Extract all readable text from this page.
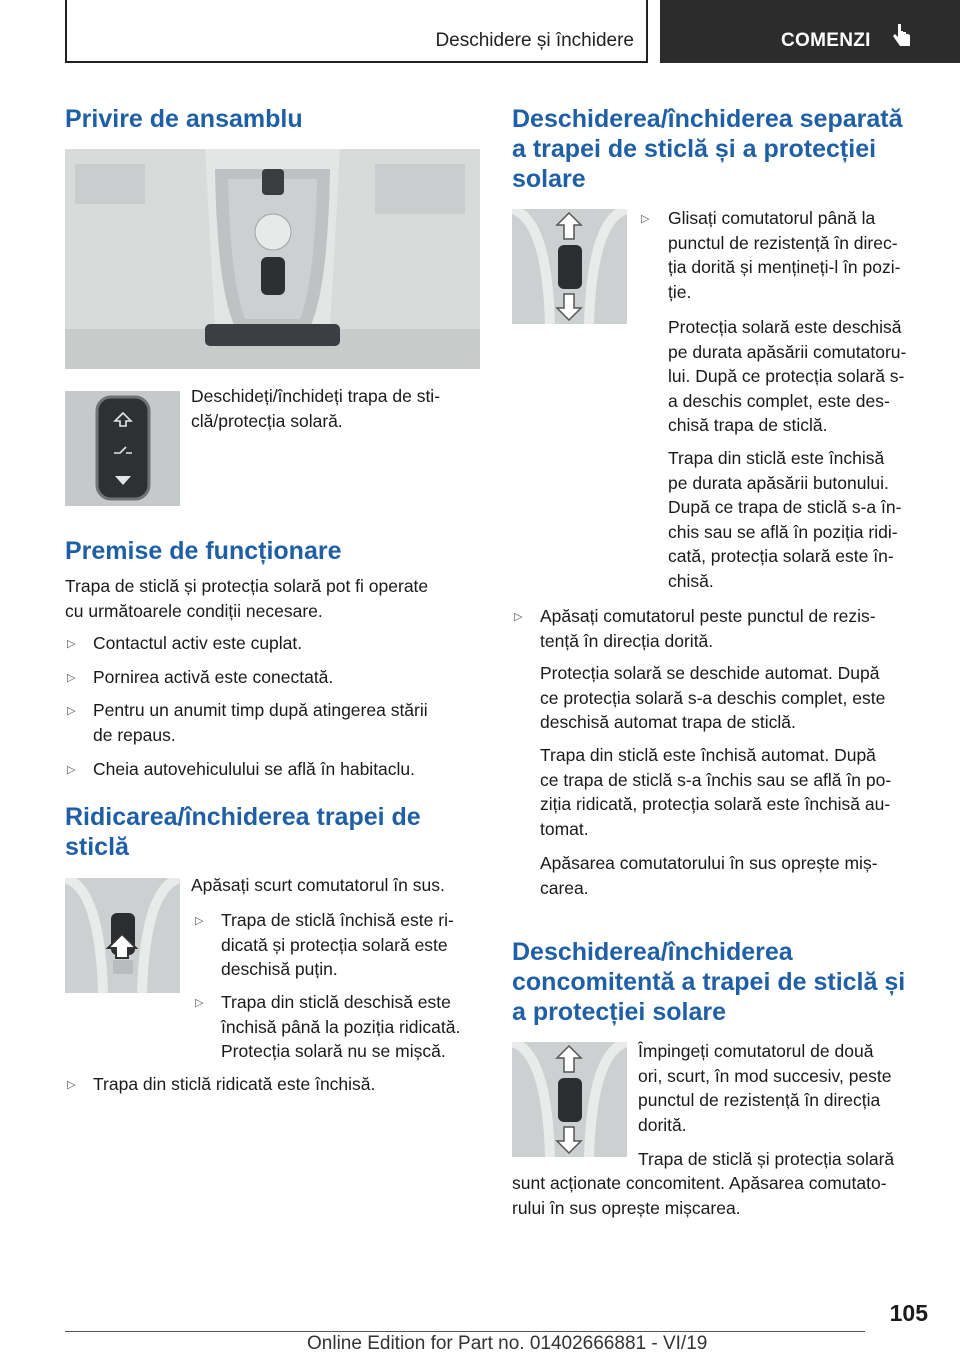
Deschidere și închidere	COMENZI
Privire de ansamblu
Deschideți/închideți trapa de sti-
clă/protecția solară.
Premise de funcționare
Trapa de sticlă și protecția solară pot fi operate
cu următoarele condiții necesare.
▷ Contactul activ este cuplat.
▷ Pornirea activă este conectată.
▷ Pentru un anumit timp după atingerea stării
de repaus.
▷ Cheia autovehiculului se află în habitaclu.
Ridicarea/închiderea trapei de
sticlă
Apăsați scurt comutatorul în sus.
▷ Trapa de sticlă închisă este ri-
dicată și protecția solară este
deschisă puțin.
▷ Trapa din sticlă deschisă este
închisă până la poziția ridicată.
Protecția solară nu se mișcă.
▷ Trapa din sticlă ridicată este închisă.
Deschiderea/închiderea separată
a trapei de sticlă și a protecției
solare
▷ Glisați comutatorul până la
punctul de rezistență în direc-
ția dorită și mențineți-l în pozi-
ție.
Protecția solară este deschisă
pe durata apăsării comutatoru-
lui. După ce protecția solară s-
a deschis complet, este des-
chisă trapa de sticlă.
Trapa din sticlă este închisă
pe durata apăsării butonului.
După ce trapa de sticlă s-a în-
chis sau se află în poziția ridi-
cată, protecția solară este în-
chisă.
▷ Apăsați comutatorul peste punctul de rezis-
tență în direcția dorită.
Protecția solară se deschide automat. După
ce protecția solară s-a deschis complet, este
deschisă automat trapa de sticlă.
Trapa din sticlă este închisă automat. După
ce trapa de sticlă s-a închis sau se află în po-
ziția ridicată, protecția solară este închisă au-
tomat.
Apăsarea comutatorului în sus oprește miș-
carea.
Deschiderea/închiderea
concomitentă a trapei de sticlă și
a protecției solare
Împingeți comutatorul de două
ori, scurt, în mod succesiv, peste
punctul de rezistență în direcția
dorită.
Trapa de sticlă și protecția solară
sunt acționate concomitent. Apăsarea comutato-
rului în sus oprește mișcarea.
105
Online Edition for Part no. 01402666881 - VI/19
